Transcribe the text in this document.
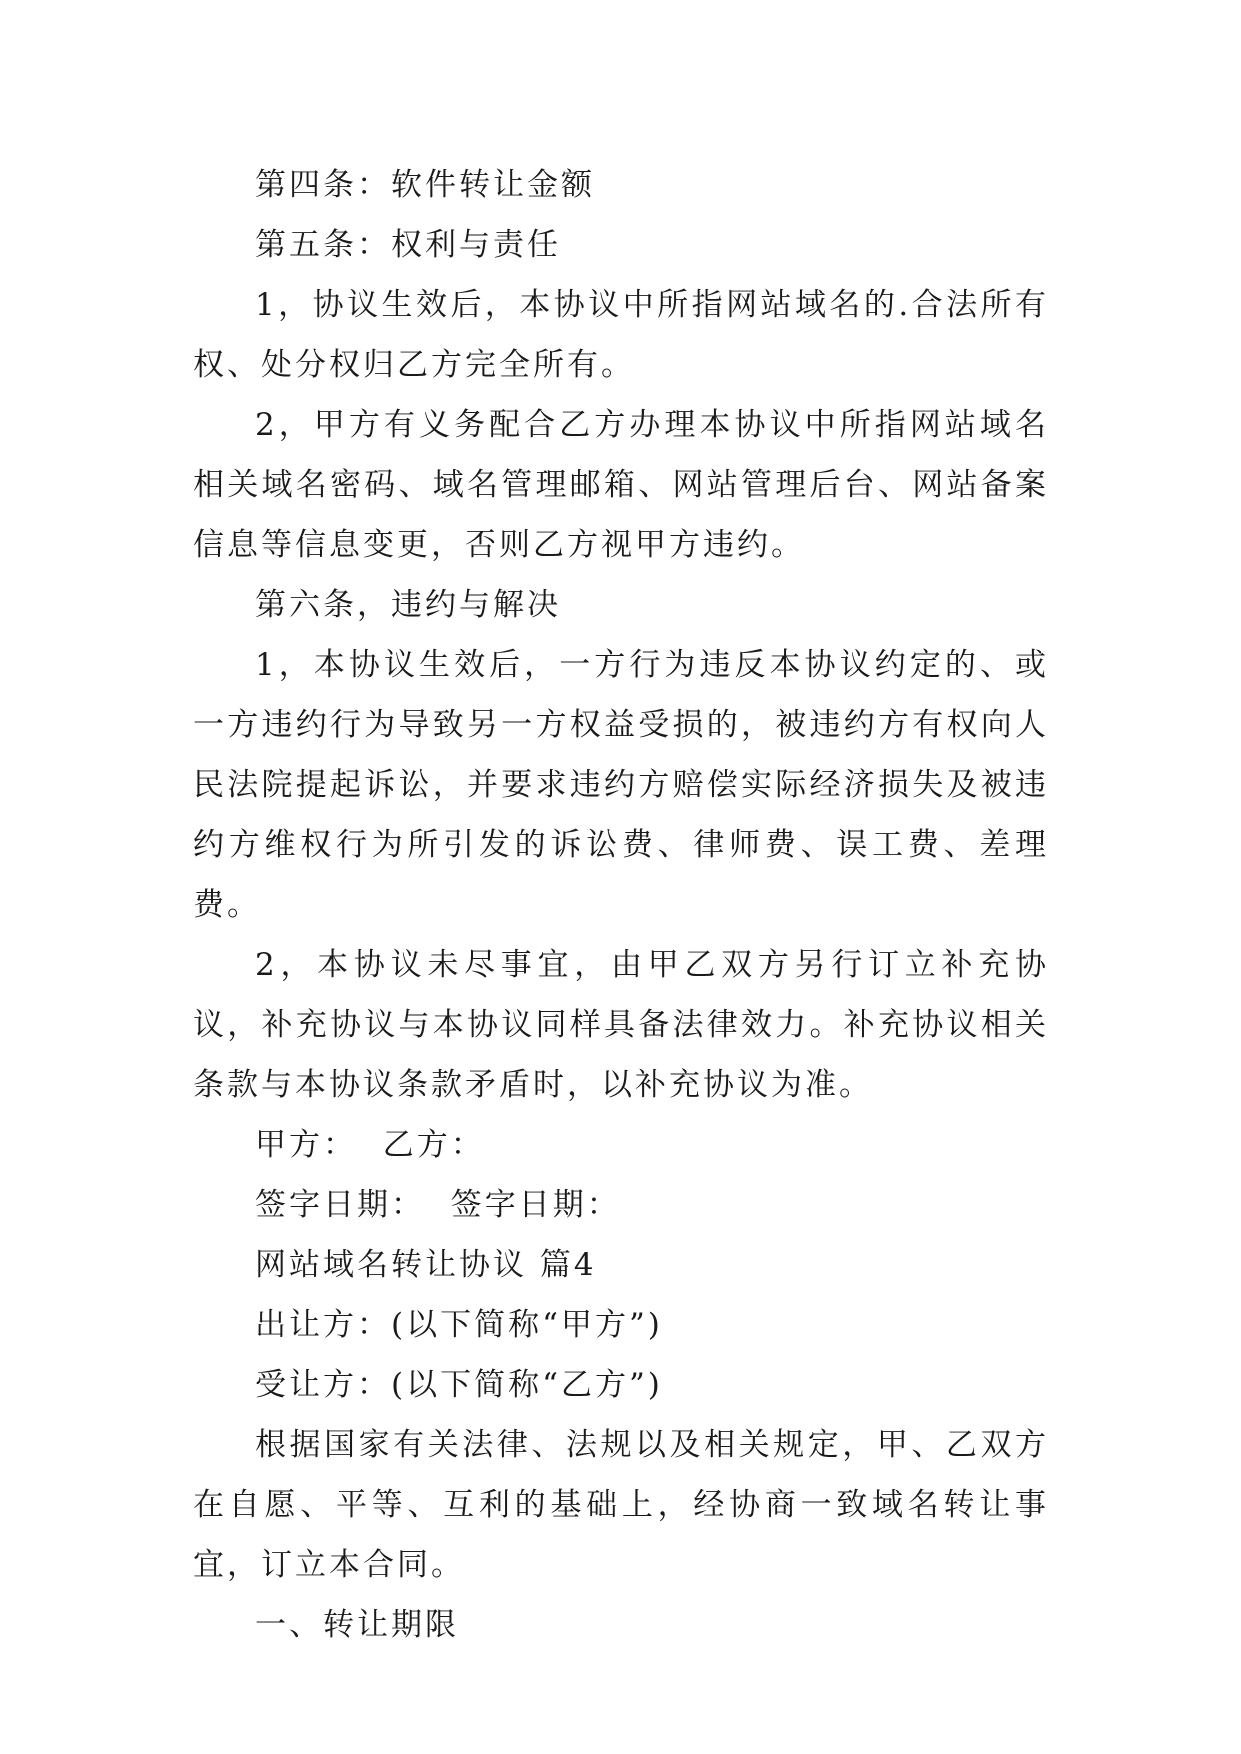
第四条：软件转让金额

第五条：权利与责任

1，协议生效后，本协议中所指网站域名的.合法所有权、处分权归乙方完全所有。

2，甲方有义务配合乙方办理本协议中所指网站域名相关域名密码、域名管理邮箱、网站管理后台、网站备案信息等信息变更，否则乙方视甲方违约。

第六条，违约与解决

1，本协议生效后，一方行为违反本协议约定的、或一方违约行为导致另一方权益受损的，被违约方有权向人民法院提起诉讼，并要求违约方赔偿实际经济损失及被违约方维权行为所引发的诉讼费、律师费、误工费、差理费。

2，本协议未尽事宜，由甲乙双方另行订立补充协议，补充协议与本协议同样具备法律效力。补充协议相关条款与本协议条款矛盾时，以补充协议为准。

甲方：  乙方：

签字日期：  签字日期：

网站域名转让协议 篇4

出让方：(以下简称“甲方”)

受让方：(以下简称“乙方”)

根据国家有关法律、法规以及相关规定，甲、乙双方在自愿、平等、互利的基础上，经协商一致域名转让事宜，订立本合同。

一、转让期限
